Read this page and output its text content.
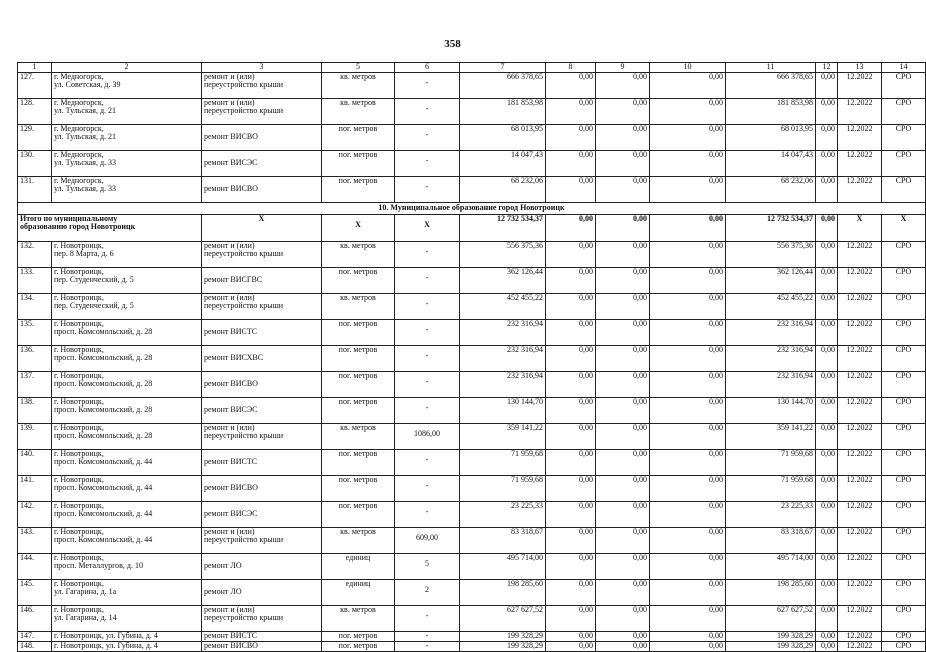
358
1	2	3	5	6	7	8	9	10	11	12	13	14
127.	г. Медногорск,
ул. Советская, д. 39	ремонт и (или)
переустройство крыши	кв. метров	-	666 378,65	0,00	0,00	0,00	666 378,65	0,00	12.2022	СРО
128.	г. Медногорск,
ул. Тульская, д. 21	ремонт и (или)
переустройство крыши	кв. метров	-	181 853,98	0,00	0,00	0,00	181 853,98	0,00	12.2022	СРО
129.	г. Медногорск,
ул. Тульская, д. 21	ремонт ВИСВО	пог. метров	-	68 013,95	0,00	0,00	0,00	68 013,95	0,00	12.2022	СРО
130.	г. Медногорск,
ул. Тульская, д. 33	ремонт ВИСЭС	пог. метров	-	14 047,43	0,00	0,00	0,00	14 047,43	0,00	12.2022	СРО
131.	г. Медногорск,
ул. Тульская, д. 33	ремонт ВИСВО	пог. метров	-	68 232,06	0,00	0,00	0,00	68 232,06	0,00	12.2022	СРО
10. Муниципальное образование город Новотроицк												
Итого по муниципальному
образованию город Новотроицк		X	X	X	12 732 534,37	0,00	0,00	0,00	12 732 534,37	0,00	X	X
132.	г. Новотроицк,
пер. 8 Марта, д. 6	ремонт и (или)
переустройство крыши	кв. метров	-	556 375,36	0,00	0,00	0,00	556 375,36	0,00	12.2022	СРО
133.	г. Новотроицк,
пер. Студенческий, д. 5	ремонт ВИСГВС	пог. метров	-	362 126,44	0,00	0,00	0,00	362 126,44	0,00	12.2022	СРО
134.	г. Новотроицк,
пер. Студенческий, д. 5	ремонт и (или)
переустройство крыши	кв. метров	-	452 455,22	0,00	0,00	0,00	452 455,22	0,00	12.2022	СРО
135.	г. Новотроицк,
просп. Комсомольский, д. 28	ремонт ВИСТС	пог. метров	-	232 316,94	0,00	0,00	0,00	232 316,94	0,00	12.2022	СРО
136.	г. Новотроицк,
просп. Комсомольский, д. 28	ремонт ВИСХВС	пог. метров	-	232 316,94	0,00	0,00	0,00	232 316,94	0,00	12.2022	СРО
137.	г. Новотроицк,
просп. Комсомольский, д. 28	ремонт ВИСВО	пог. метров	-	232 316,94	0,00	0,00	0,00	232 316,94	0,00	12.2022	СРО
138.	г. Новотроицк,
просп. Комсомольский, д. 28	ремонт ВИСЭС	пог. метров	-	130 144,70	0,00	0,00	0,00	130 144,70	0,00	12.2022	СРО
139.	г. Новотроицк,
просп. Комсомольский, д. 28	ремонт и (или)
переустройство крыши	кв. метров	1086,00	359 141,22	0,00	0,00	0,00	359 141,22	0,00	12.2022	СРО
140.	г. Новотроицк,
просп. Комсомольский, д. 44	ремонт ВИСТС	пог. метров	-	71 959,68	0,00	0,00	0,00	71 959,68	0,00	12.2022	СРО
141.	г. Новотроицк,
просп. Комсомольский, д. 44	ремонт ВИСВО	пог. метров	-	71 959,68	0,00	0,00	0,00	71 959,68	0,00	12.2022	СРО
142.	г. Новотроицк,
просп. Комсомольский, д. 44	ремонт ВИСЭС	пог. метров	-	23 225,33	0,00	0,00	0,00	23 225,33	0,00	12.2022	СРО
143.	г. Новотроицк,
просп. Комсомольский, д. 44	ремонт и (или)
переустройство крыши	кв. метров	609,00	83 318,67	0,00	0,00	0,00	83 318,67	0,00	12.2022	СРО
144.	г. Новотроицк,
просп. Металлургов, д. 10	ремонт ЛО	единиц	5	495 714,00	0,00	0,00	0,00	495 714,00	0,00	12.2022	СРО
145.	г. Новотроицк,
ул. Гагарина, д. 1а	ремонт ЛО	единиц	2	198 285,60	0,00	0,00	0,00	198 285,60	0,00	12.2022	СРО
146.	г. Новотроицк,
ул. Гагарина, д. 14	ремонт и (или)
переустройство крыши	кв. метров	-	627 627,52	0,00	0,00	0,00	627 627,52	0,00	12.2022	СРО
147.	г. Новотроицк, ул. Губина, д. 4	ремонт ВИСТС	пог. метров	-	199 328,29	0,00	0,00	0,00	199 328,29	0,00	12.2022	СРО
148.	г. Новотроицк, ул. Губина, д. 4	ремонт ВИСВО	пог. метров	-	199 328,29	0,00	0,00	0,00	199 328,29	0,00	12.2022	СРО
